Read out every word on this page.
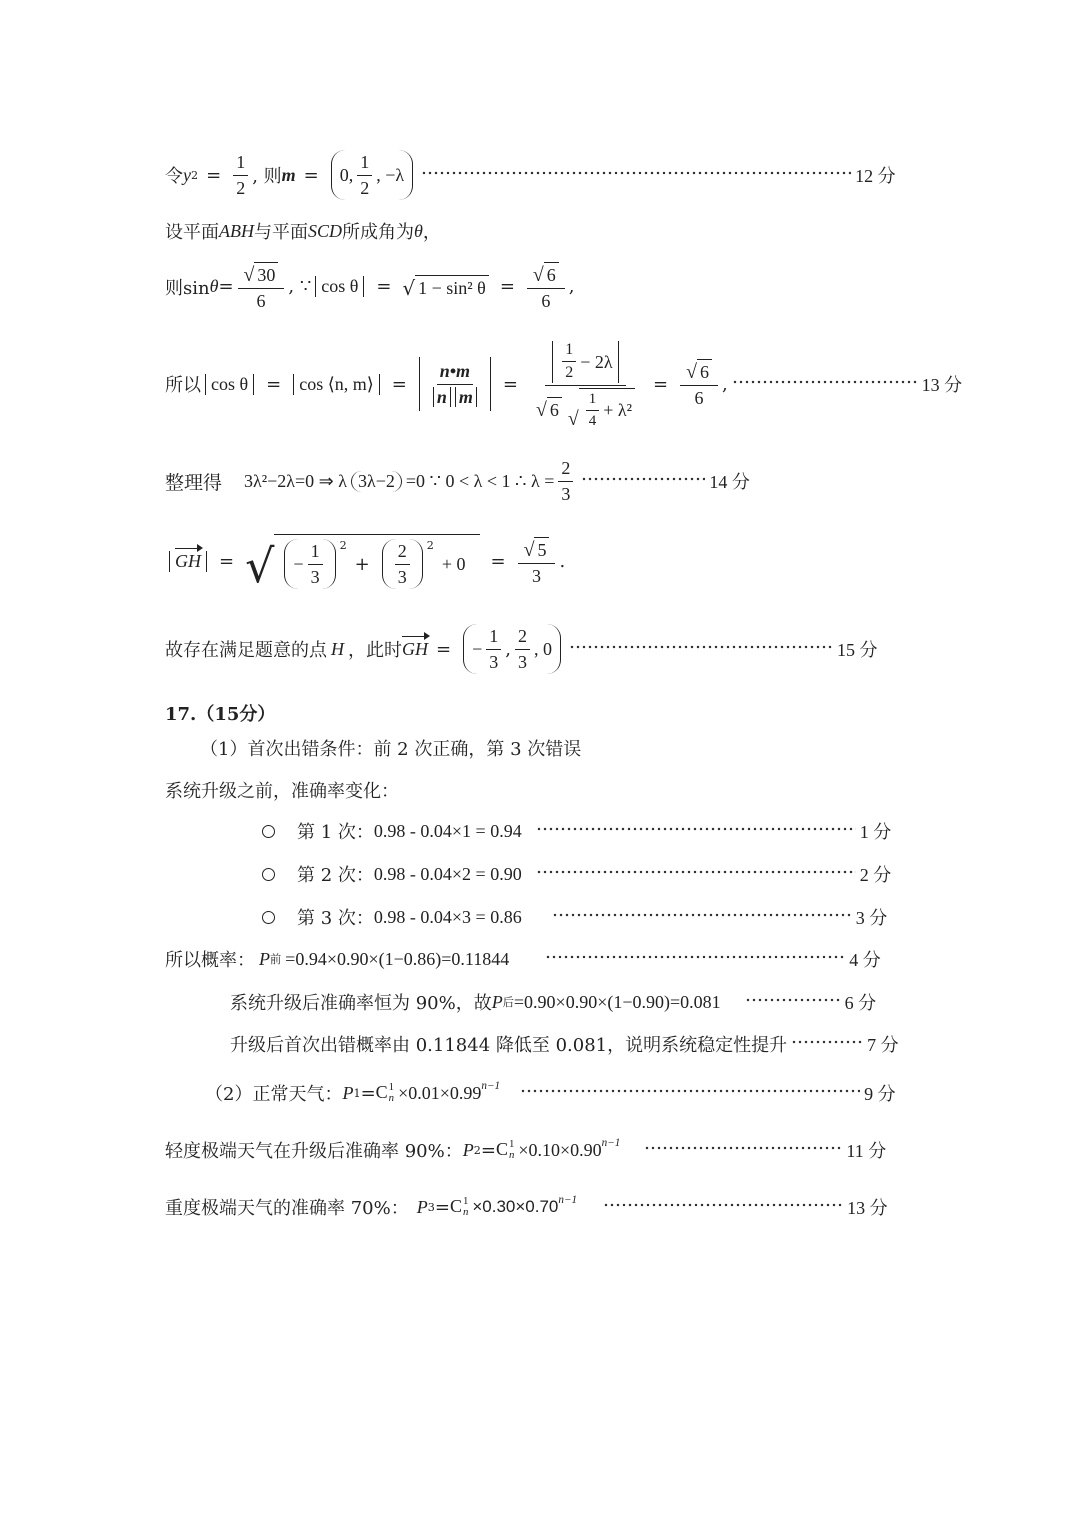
令 y $2 = \frac{1}{2}$ , 则 m = 0, $\frac{1}{2}$ , −λ	12 分
设平面 ABH 与平面 SCD 所成角为 θ ，
则$\sin \theta = \frac{√ 30}{6}$ , ∵ cos θ = √ 1 − sin² $\theta = \frac{√ 6}{6}$ ,
所以 cos θ = cos ⟨n, m⟩ = $\frac{n•m}{\text{n m}} = \frac{\frac{1}{2} - 2\lambda}{√ 6 √ \frac{1}{4} + \lambda^2} = \frac{√ 6}{6}$ ,	13 分
整理得 3λ²−2λ=0 ⇒ λ 3λ−2 =0 ∵ 0 < λ < 1 ∴ $\lambda = \frac{2}{3}$	14 分
GH = √ − $\frac{1}{3} ^2$
+ $\frac{2}{3} ^2$
+ $0 = \frac{√ 5}{3}$ .
故存在满足题意的点 H ，此时 GH = − $\frac{1}{3}$ , $\frac{2}{3}$ , 0	15 分
17.（15分）
（1）首次出错条件：前 2 次正确，第 3 次错误
系统升级之前，准确率变化：
第 1 次： 0.98 - 0.04×1 = 0.94	1 分
第 2 次： 0.98 - 0.04×2 = 0.90	2 分
第 3 次： 0.98 - 0.04×3 = 0.86	3 分
所以概率： P 前 =0.94×0.90×(1−0.86)=0.11844	4 分
系统升级后准确率恒为 90%，故 P 后 =0.90×0.90×(1−0.90)=0.081	6 分
升级后首次出错概率由 0.11844 降低至 0.081，说明系统稳定性提升	7 分
（2）正常天气： P 1 = C 1
$n \times 0.01\times 0.99^{n-1}$	9 分
轻度极端天气在升级后准确率 90%： P 2 = C 1
$n \times 0.10\times 0.90^{n-1}$	11 分
重度极端天气的准确率 70%： P 3 = C 1
$n \times 0.30\times 0.70^{n-1}$	13 分
